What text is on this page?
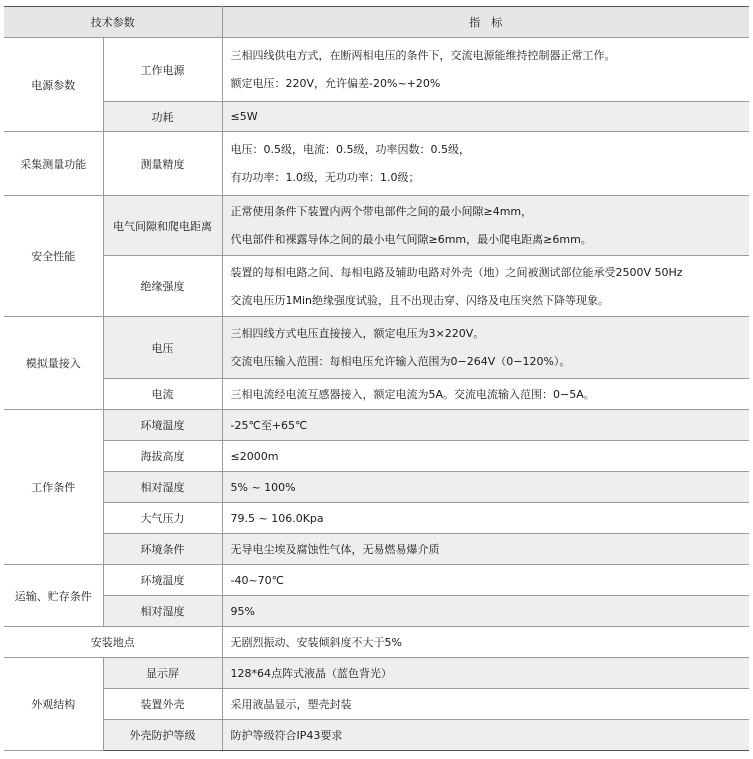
技术参数		指　标
电源参数	工作电源	三相四线供电方式，在断两相电压的条件下，交流电源能维持控制器正常工作。
额定电压：220V，允许偏差-20%~+20%

	功耗	≤5W

采集测量功能	测量精度	电压：0.5级，电流：0.5级，功率因数：0.5级，
有功功率：1.0级，无功功率：1.0级；

安全性能	电气间隙和爬电距离	正常使用条件下装置内两个带电部件之间的最小间隙≥4mm，
代电部件和裸露导体之间的最小电气间隙≥6mm，最小爬电距离≥6mm。

	绝缘强度	装置的每相电路之间、每相电路及辅助电路对外壳（地）之间被测试部位能承受2500V 50Hz
交流电压历1Min绝缘强度试验，且不出现击穿、闪络及电压突然下降等现象。

模拟量接入	电压	三相四线方式电压直接接入，额定电压为3×220V。
交流电压输入范围：每相电压允许输入范围为0−264V（0−120%）。

	电流	三相电流经电流互感器接入，额定电流为5A。交流电流输入范围：0−5A。

工作条件	环境温度	-25℃至+65℃

	海拔高度	≤2000m

	相对湿度	5% ~ 100%

	大气压力	79.5 ~ 106.0Kpa

	环境条件	无导电尘埃及腐蚀性气体，无易燃易爆介质

运输、贮存条件	环境温度	-40~70℃

	相对湿度	95%

安装地点		无剧烈振动、安装倾斜度不大于5%

外观结构	显示屏	128*64点阵式液晶（蓝色背光）

	装置外壳	采用液晶显示，塑壳封装

	外壳防护等级	防护等级符合IP43要求
